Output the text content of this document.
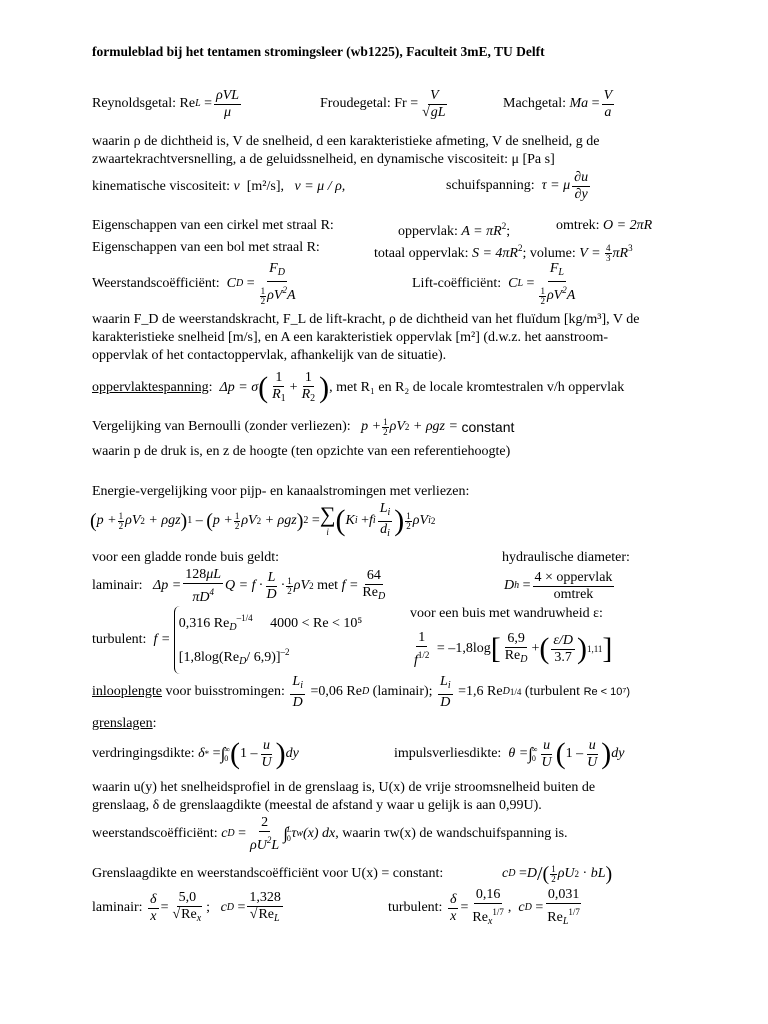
formuleblad bij het tentamen stromingsleer (wb1225), Faculteit 3mE, TU Delft
Reynoldsgetal:
Re $L = \frac{\text{ρVL}}{\mu}$	Froudegetal: $Fr = \frac{V}{√gL}$	Machgetal:
$Ma = \frac{V}{a}$
waarin ρ de dichtheid is, V de snelheid, d een karakteristieke afmeting, V de snelheid, g de
zwaartekrachtversnelling, a de geluidssnelheid, en dynamische viscositeit: μ [Pa s]
kinematische viscositeit:
ν
[m²/s],
ν = μ / ρ,	schuifspanning:
τ = μ $\frac{\partial u}{\partial y}$
Eigenschappen van een cirkel met straal R:	oppervlak: $A = \pi R^2$;	omtrek: O = 2πR
Eigenschappen van een bol met straal R:	totaal oppervlak: $S = 4\pi R^2$; volume: $V = \frac{4}{3} \pi R^3$
Weerstandscoëfficiënt:
C $D = \frac{F_D}{\frac{1}{2} \rho V^2A}$	Lift-coëfficiënt:
C $L = \frac{F_L}{\frac{1}{2} \rho V^2A}$
waarin F_D de weerstandskracht, F_L de lift-kracht, ρ de dichtheid van het fluïdum [kg/m³], V de
karakteristieke snelheid [m/s], en A een karakteristiek oppervlak [m²] (d.w.z. het aanstroom-
oppervlak of het contactoppervlak, afhankelijk van de situatie).
oppervlaktespanning : Δp = σ ( $\frac{1}{R_1} + \frac{1}{R_2}$ ) , met R₁ en R₂ de locale kromtestralen v/h oppervlak
Vergelijking van Bernoulli (zonder verliezen):
$p + \frac{1}{2}$ ρV 2 + ρgz =
constant
waarin p de druk is, en z de hoogte (ten opzichte van een referentiehoogte)
Energie-vergelijking voor pijp- en kanaalstromingen met verliezen:
( $p + \frac{1}{2}$ ρV 2 + ρgz ) 1 – ( $p + \frac{1}{2}$ ρV 2 + ρgz ) 2 = ∑
i ( K i + f i $\frac{L_i}{d_i}$ ) 1
2 ρV i 2
voor een gladde ronde buis geldt:	hydraulische diameter:
laminair:
$\Delta p = \frac{128\mu L}{\pi D^4}$ $Q = f \cdot \frac{L}{D} \cdot 1$
2 ρV 2
met
$f = \frac{64}{Re_D}$	D $h = \frac{\text{4 × oppervlak}}{\text{omtrek}}$
voor een buis met wandruwheid ε:
turbulent:
f =

0,316 $Re_D^{-1/4}$ 4000 < Re < 10⁵
[$1,8\log(Re_D/$ 6,9)]$^{-2}$	$\frac{1}{f^{1/2}}$ = – 1,8 log [ $\frac{6,9}{Re_D}$ + ( $\frac{\varepsilon/D}{3.7}$ ) 1,11 ]
inlooplengte
voor buisstromingen:
$\frac{L_i}{D} = 0,06$ Re D
(laminair);
$\frac{L_i}{D} = 1,6$ Re D 1/4
(turbulent
Re < 10⁷)
grenslagen:
verdringingsdikte:
δ * = ∫ ∞
0 ( $1 - \frac{u}{U}$ ) dy	impulsverliesdikte:
θ = ∫ ∞
$0 \frac{u}{U}$ ( $1 - \frac{u}{U}$ ) dy
waarin u(y) het snelheidsprofiel in de grenslaag is, U(x) de vrije stroomsnelheid buiten de
grenslaag, δ de grenslaagdikte (meestal de afstand y waar u gelijk is aan 0,99U).
weerstandscoëfficiënt:
c $D = \frac{2}{\rho U^2L}$ ∫ L
0 τ w (x) dx , waarin τw(x) de wandschuifspanning is.
Grenslaagdikte en weerstandscoëfficiënt voor U(x) = constant:	c D = D /( 1
2 ρU 2 · bL )
laminair:
$\frac{\delta}{x} = \frac{5,0}{√Re_x}$ ; c $D = \frac{1,328}{√Re_L}$	turbulent:
$\frac{\delta}{x} = \frac{0,16}{Re_x^{1/7}}$ , c $D = \frac{0,031}{Re_L^{1/7}}$
